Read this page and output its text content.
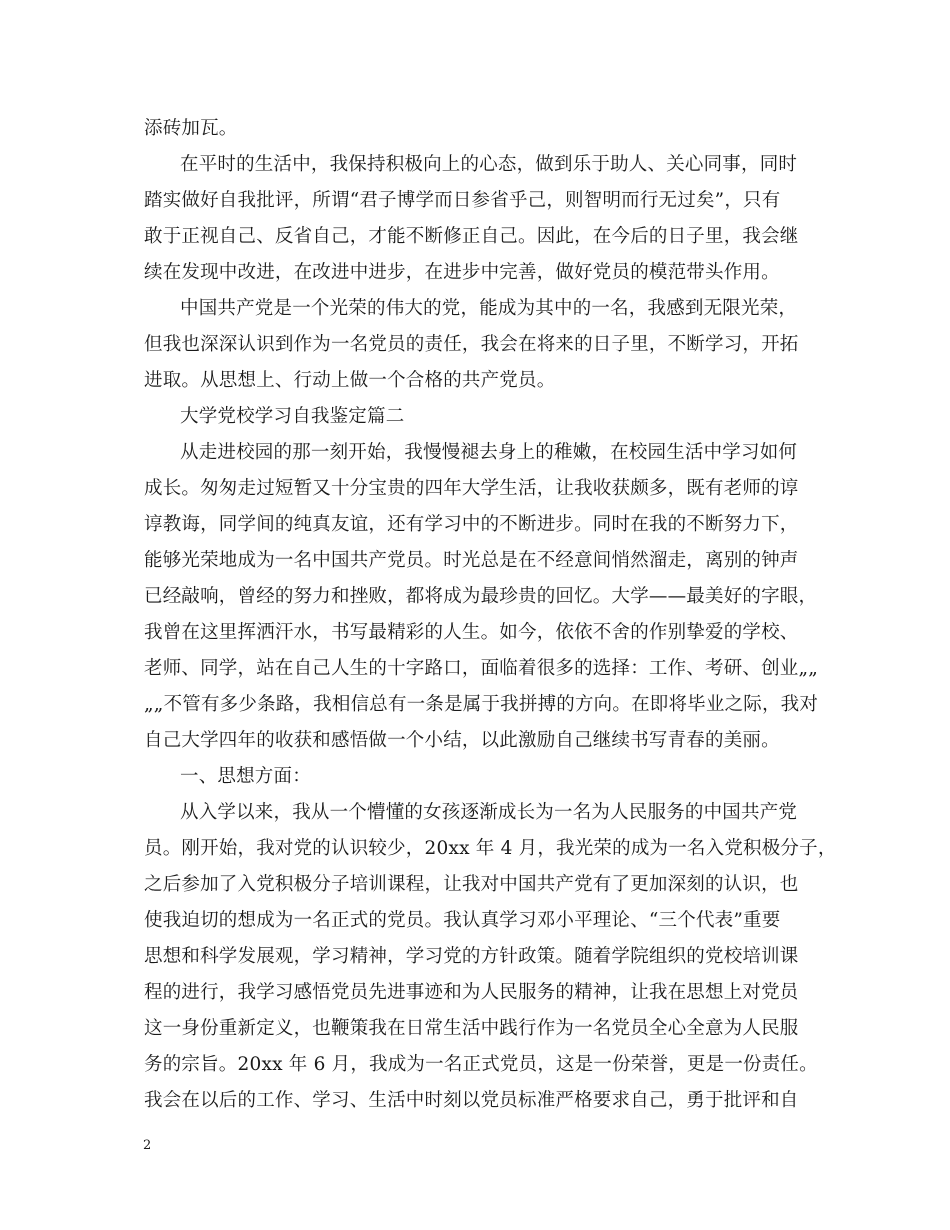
添砖加瓦。
在平时的生活中，我保持积极向上的心态，做到乐于助人、关心同事，同时
踏实做好自我批评，所谓“君子博学而日参省乎己，则智明而行无过矣”，只有
敢于正视自己、反省自己，才能不断修正自己。因此，在今后的日子里，我会继
续在发现中改进，在改进中进步，在进步中完善，做好党员的模范带头作用。
中国共产党是一个光荣的伟大的党，能成为其中的一名，我感到无限光荣，
但我也深深认识到作为一名党员的责任，我会在将来的日子里，不断学习，开拓
进取。从思想上、行动上做一个合格的共产党员。
大学党校学习自我鉴定篇二
从走进校园的那一刻开始，我慢慢褪去身上的稚嫩，在校园生活中学习如何
成长。匆匆走过短暂又十分宝贵的四年大学生活，让我收获颇多，既有老师的谆
谆教诲，同学间的纯真友谊，还有学习中的不断进步。同时在我的不断努力下，
能够光荣地成为一名中国共产党员。时光总是在不经意间悄然溜走，离别的钟声
已经敲响，曾经的努力和挫败，都将成为最珍贵的回忆。大学——最美好的字眼，
我曾在这里挥洒汗水，书写最精彩的人生。如今，依依不舍的作别挚爱的学校、
老师、同学，站在自己人生的十字路口，面临着很多的选择：工作、考研、创业„„
„„不管有多少条路，我相信总有一条是属于我拼搏的方向。在即将毕业之际，我对
自己大学四年的收获和感悟做一个小结，以此激励自己继续书写青春的美丽。
一、思想方面：
从入学以来，我从一个懵懂的女孩逐渐成长为一名为人民服务的中国共产党
员。刚开始，我对党的认识较少，20xx 年 4 月，我光荣的成为一名入党积极分子，
之后参加了入党积极分子培训课程，让我对中国共产党有了更加深刻的认识，也
使我迫切的想成为一名正式的党员。我认真学习邓小平理论、“三个代表”重要
思想和科学发展观，学习精神，学习党的方针政策。随着学院组织的党校培训课
程的进行，我学习感悟党员先进事迹和为人民服务的精神，让我在思想上对党员
这一身份重新定义，也鞭策我在日常生活中践行作为一名党员全心全意为人民服
务的宗旨。20xx 年 6 月，我成为一名正式党员，这是一份荣誉，更是一份责任。
我会在以后的工作、学习、生活中时刻以党员标准严格要求自己，勇于批评和自
2
